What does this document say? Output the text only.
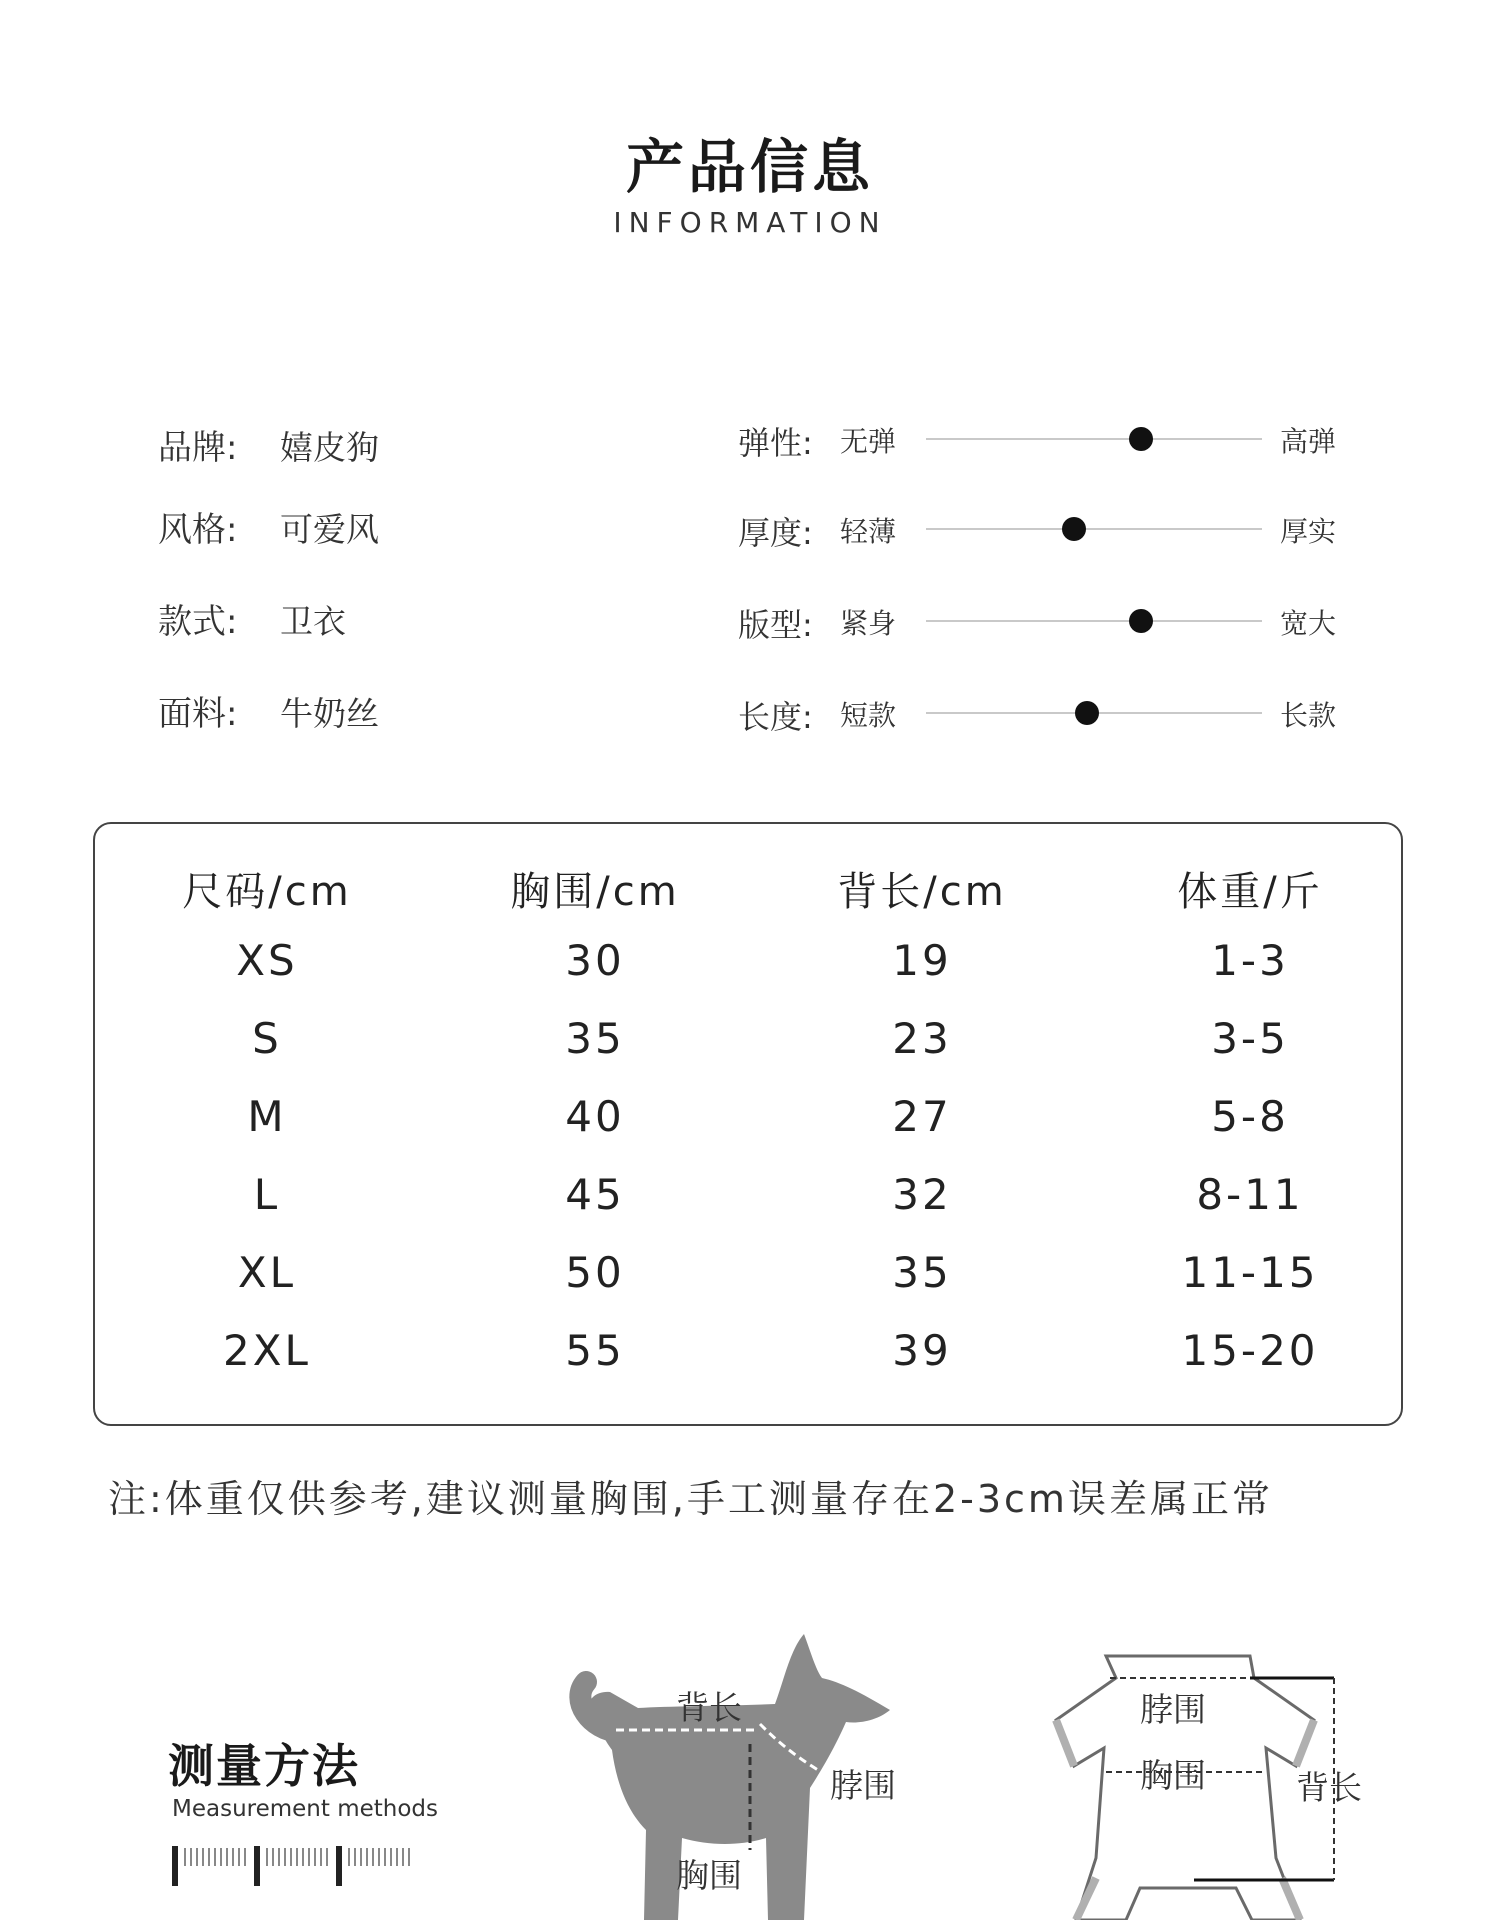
产品信息
INFORMATION
品牌:	嬉皮狗
风格:	可爱风
款式:	卫衣
面料:	牛奶丝
弹性: 无弹	高弹
厚度: 轻薄	厚实
版型: 紧身	宽大
长度: 短款	长款
尺码/cm	胸围/cm	背长/cm	体重/斤
XS	30	19	1-3
S	35	23	3-5
M	40	27	5-8
L	45	32	8-11
XL	50	35	11-15
2XL	55	39	15-20
注:体重仅供参考,建议测量胸围,手工测量存在2-3cm误差属正常
测量方法
Measurement methods
背长
脖围
胸围
脖围
胸围	背长
